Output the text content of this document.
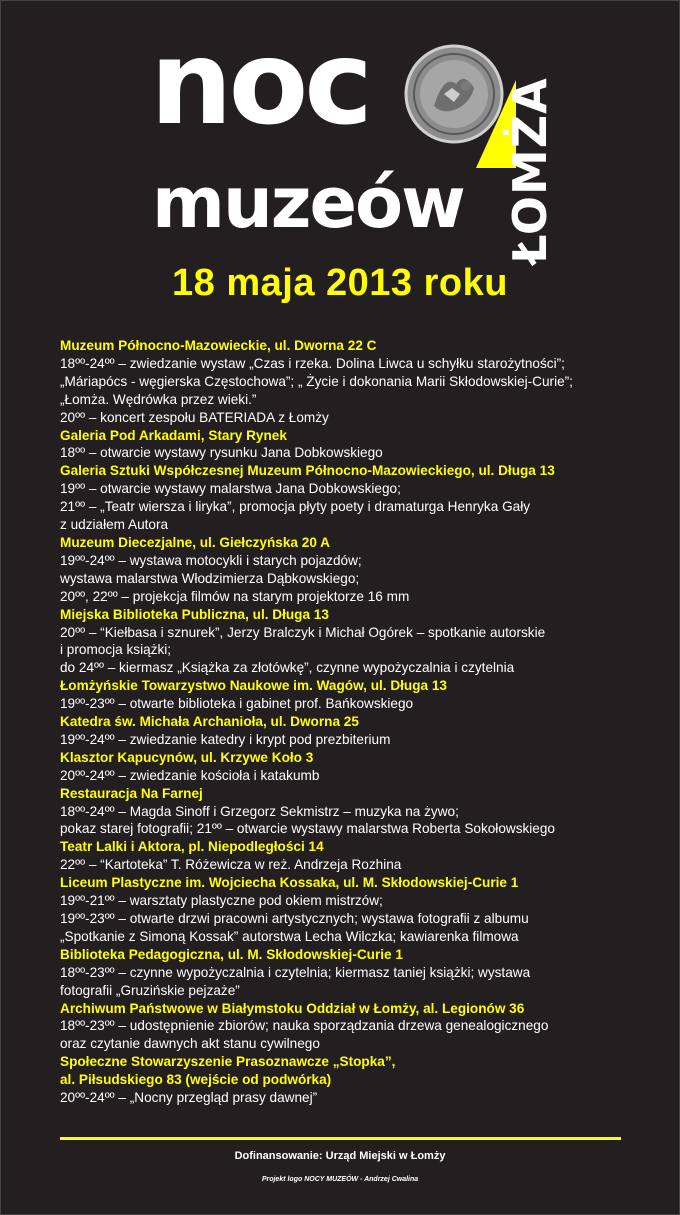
noc
muzeów ŁOMŻA
18 maja 2013 roku
Muzeum Północno-Mazowieckie, ul. Dworna 22 C
18ºº-24ºº – zwiedzanie wystaw „Czas i rzeka. Dolina Liwca u schyłku starożytności”;
„Máriapócs - węgierska Częstochowa”; „ Życie i dokonania Marii Skłodowskiej-Curie”;
„Łomża. Wędrówka przez wieki.”
20ºº – koncert zespołu BATERIADA z Łomży
Galeria Pod Arkadami, Stary Rynek
18ºº – otwarcie wystawy rysunku Jana Dobkowskiego
Galeria Sztuki Współczesnej Muzeum Północno-Mazowieckiego, ul. Długa 13
19ºº – otwarcie wystawy malarstwa Jana Dobkowskiego;
21ºº – „Teatr wiersza i liryka”, promocja płyty poety i dramaturga Henryka Gały
z udziałem Autora
Muzeum Diecezjalne, ul. Giełczyńska 20 A
19ºº-24ºº – wystawa motocykli i starych pojazdów;
wystawa malarstwa Włodzimierza Dąbkowskiego;
20ºº, 22ºº – projekcja filmów na starym projektorze 16 mm
Miejska Biblioteka Publiczna, ul. Długa 13
20ºº – “Kiełbasa i sznurek”, Jerzy Bralczyk i Michał Ogórek – spotkanie autorskie
i promocja książki;
do 24ºº – kiermasz „Książka za złotówkę”, czynne wypożyczalnia i czytelnia
Łomżyńskie Towarzystwo Naukowe im. Wagów, ul. Długa 13
19ºº-23ºº – otwarte biblioteka i gabinet prof. Bańkowskiego
Katedra św. Michała Archanioła, ul. Dworna 25
19ºº-24ºº – zwiedzanie katedry i krypt pod prezbiterium
Klasztor Kapucynów, ul. Krzywe Koło 3
20ºº-24ºº – zwiedzanie kościoła i katakumb
Restauracja Na Farnej
18ºº-24ºº – Magda Sinoff i Grzegorz Sekmistrz – muzyka na żywo;
pokaz starej fotografii; 21ºº – otwarcie wystawy malarstwa Roberta Sokołowskiego
Teatr Lalki i Aktora, pl. Niepodległości 14
22ºº – “Kartoteka” T. Różewicza w reż. Andrzeja Rozhina
Liceum Plastyczne im. Wojciecha Kossaka, ul. M. Skłodowskiej-Curie 1
19ºº-21ºº – warsztaty plastyczne pod okiem mistrzów;
19ºº-23ºº – otwarte drzwi pracowni artystycznych; wystawa fotografii z albumu
„Spotkanie z Simoną Kossak” autorstwa Lecha Wilczka; kawiarenka filmowa
Biblioteka Pedagogiczna, ul. M. Skłodowskiej-Curie 1
18ºº-23ºº – czynne wypożyczalnia i czytelnia; kiermasz taniej książki; wystawa
fotografii „Gruzińskie pejzaże”
Archiwum Państwowe w Białymstoku Oddział w Łomży, al. Legionów 36
18ºº-23ºº – udostępnienie zbiorów; nauka sporządzania drzewa genealogicznego
oraz czytanie dawnych akt stanu cywilnego
Społeczne Stowarzyszenie Prasoznawcze „Stopka”,
al. Piłsudskiego 83 (wejście od podwórka)
20ºº-24ºº – „Nocny przegląd prasy dawnej”
Dofinansowanie: Urząd Miejski w Łomży
Projekt logo NOCY MUZEÓW - Andrzej Cwalina
